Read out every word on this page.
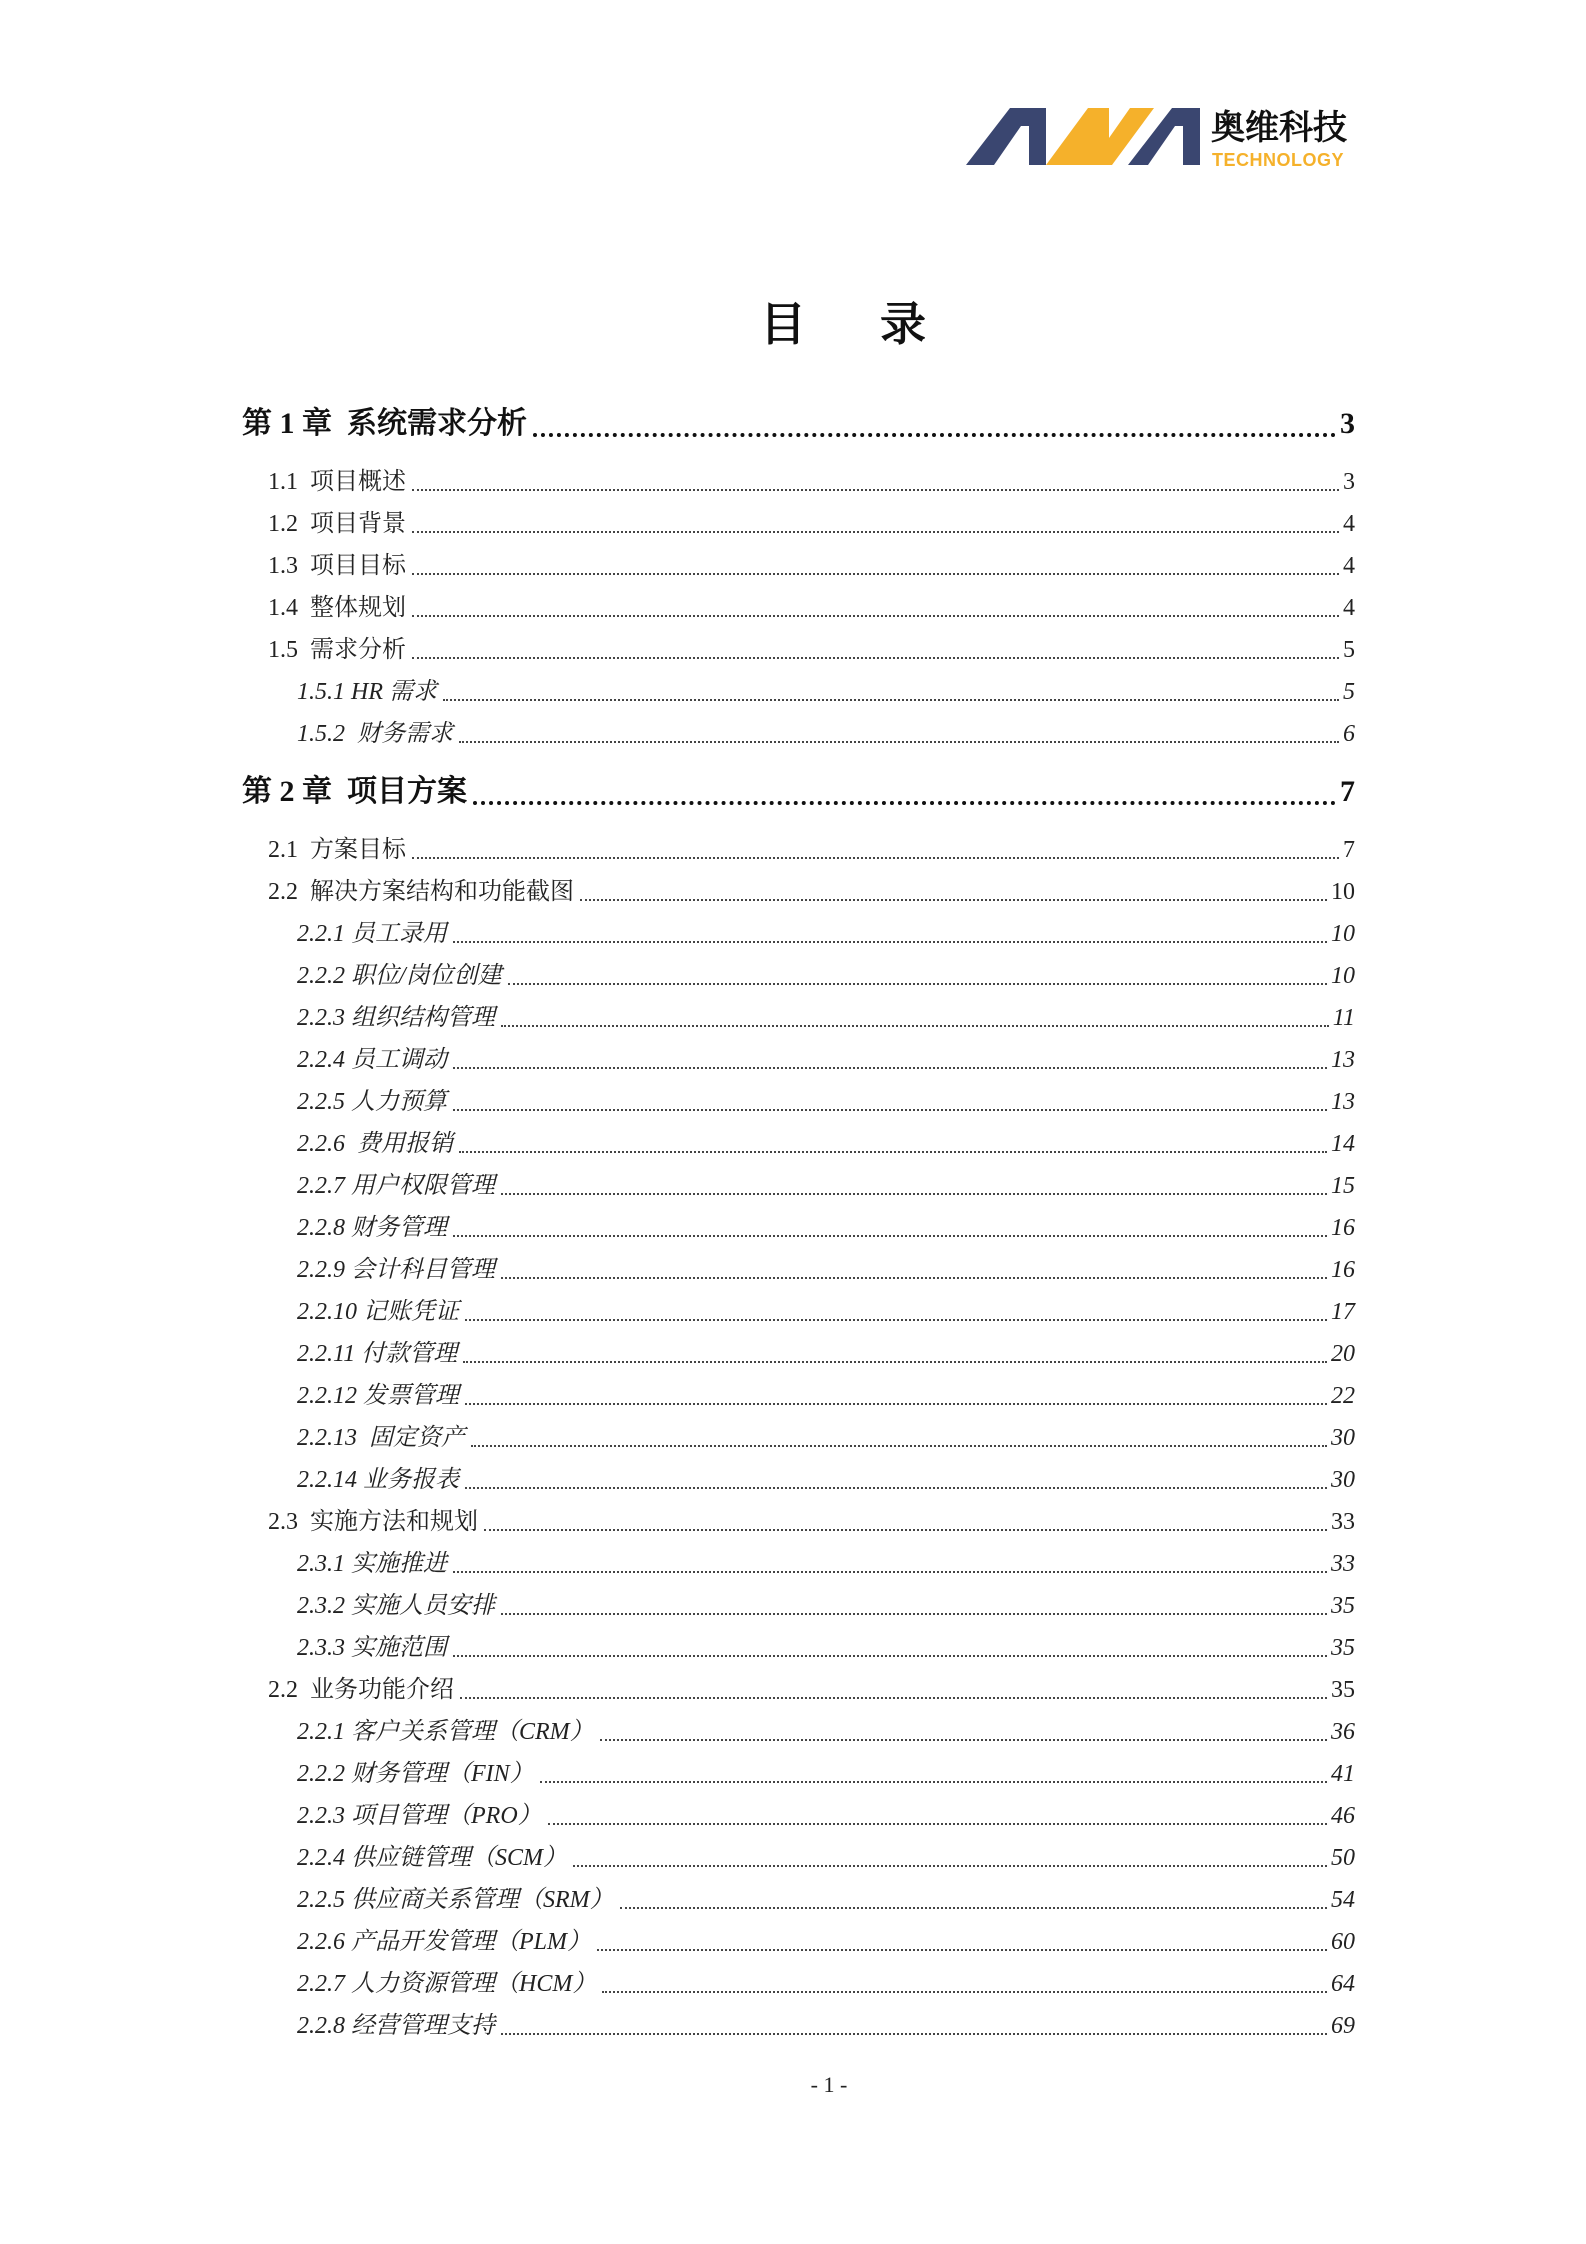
奥维科技
TECHNOLOGY
目录
第 1 章  系统需求分析	3
1.1  项目概述	3
1.2  项目背景	4
1.3  项目目标	4
1.4  整体规划	4
1.5  需求分析	5
1.5.1 HR 需求	5
1.5.2  财务需求	6
第 2 章  项目方案	7
2.1  方案目标	7
2.2  解决方案结构和功能截图	10
2.2.1 员工录用	10
2.2.2 职位/岗位创建	10
2.2.3 组织结构管理	11
2.2.4 员工调动	13
2.2.5 人力预算	13
2.2.6  费用报销	14
2.2.7 用户权限管理	15
2.2.8 财务管理	16
2.2.9 会计科目管理	16
2.2.10 记账凭证	17
2.2.11 付款管理	20
2.2.12 发票管理	22
2.2.13  固定资产	30
2.2.14 业务报表	30
2.3  实施方法和规划	33
2.3.1 实施推进	33
2.3.2 实施人员安排	35
2.3.3 实施范围	35
2.2  业务功能介绍	35
2.2.1 客户关系管理（CRM）	36
2.2.2 财务管理（FIN）	41
2.2.3 项目管理（PRO）	46
2.2.4 供应链管理（SCM）	50
2.2.5 供应商关系管理（SRM）	54
2.2.6 产品开发管理（PLM）	60
2.2.7 人力资源管理（HCM）	64
2.2.8 经营管理支持	69
- 1 -
